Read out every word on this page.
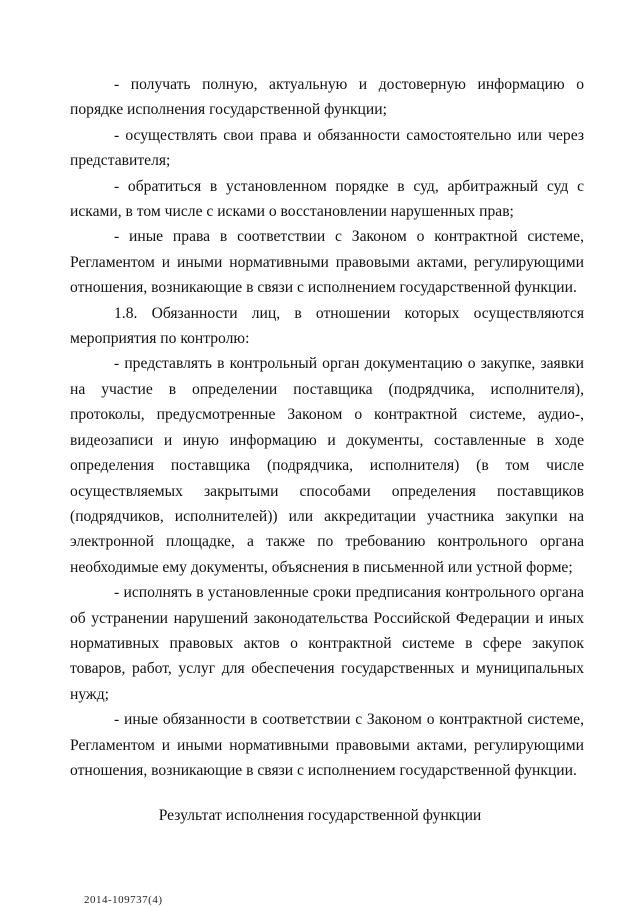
- получать полную, актуальную и достоверную информацию о порядке исполнения государственной функции;

- осуществлять свои права и обязанности самостоятельно или через представителя;

- обратиться в установленном порядке в суд, арбитражный суд с исками, в том числе с исками о восстановлении нарушенных прав;

- иные права в соответствии с Законом о контрактной системе, Регламентом и иными нормативными правовыми актами, регулирующими отношения, возникающие в связи с исполнением государственной функции.

1.8. Обязанности лиц, в отношении которых осуществляются мероприятия по контролю:

- представлять в контрольный орган документацию о закупке, заявки на участие в определении поставщика (подрядчика, исполнителя), протоколы, предусмотренные Законом о контрактной системе, аудио-, видеозаписи и иную информацию и документы, составленные в ходе определения поставщика (подрядчика, исполнителя) (в том числе осуществляемых закрытыми способами определения поставщиков (подрядчиков, исполнителей)) или аккредитации участника закупки на электронной площадке, а также по требованию контрольного органа необходимые ему документы, объяснения в письменной или устной форме;

- исполнять в установленные сроки предписания контрольного органа об устранении нарушений законодательства Российской Федерации и иных нормативных правовых актов о контрактной системе в сфере закупок товаров, работ, услуг для обеспечения государственных и муниципальных нужд;

- иные обязанности в соответствии с Законом о контрактной системе, Регламентом и иными нормативными правовыми актами, регулирующими отношения, возникающие в связи с исполнением государственной функции.

Результат исполнения государственной функции
2014-109737(4)
